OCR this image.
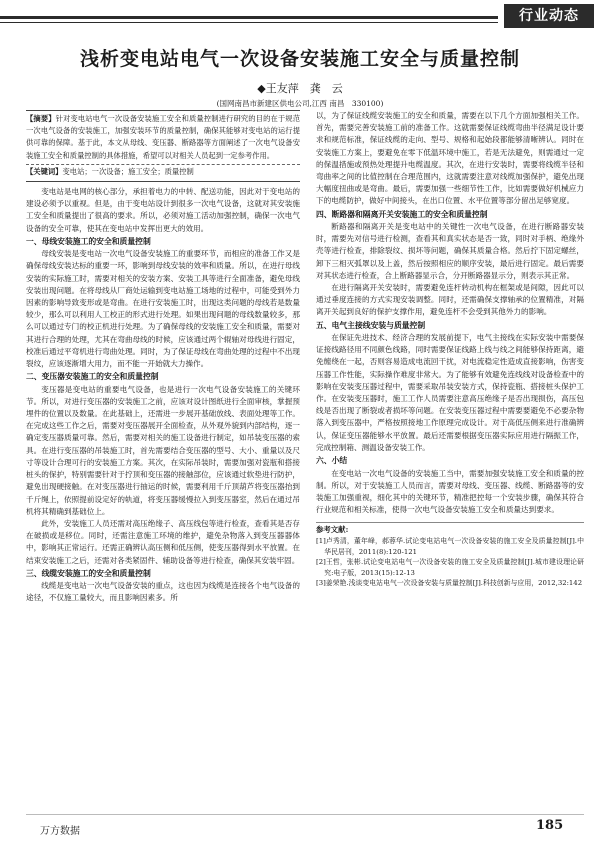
行业动态
浅析变电站电气一次设备安装施工安全与质量控制
◆王友萍　龚　云
(国网南昌市新建区供电公司,江西 南昌　330100)
【摘要】针对变电站电气一次设备安装施工安全和质量控制进行研究的目的在于规范一次电气设备的安装施工，加强安装环节的质量控制，确保其能够对变电站的运行提供可靠的保障。基于此，本文从母线、变压器、断路器等方面阐述了一次电气设备安装施工安全和质量控制的具体措施，希望可以对相关人员起到一定参考作用。
【关键词】变电站；一次设备；施工安全；质量控制

变电站是电网的核心部分，承担着电力的中转、配送功能，因此对于变电站的建设必须予以重视。但是，由于变电站设计到很多一次电气设备，这就对其安装施工安全和质量提出了很高的要求。所以，必须对施工活动加强控制，确保一次电气设备的安全可靠，使其在变电站中发挥出更大的效用。

一、母线安装施工的安全和质量控制

母线安装是变电站一次电气设备安装施工的重要环节，而相应的准备工作又是确保母线安装达标的重要一环，影响到母线安装的效率和质量。所以，在进行母线安装的实际施工时，需要对相关的安装方案、安装工具等进行全面准备，避免母线安装出现问题。在将母线从厂商处运输到变电站施工场地的过程中，可能受到外力因素的影响导致变形或是弯曲。在进行安装施工时，出现这类问题的母线若是数量较少，那么可以利用人工校正的形式进行处理。如果出现问题的母线数量较多，那么可以通过专门的校正机进行处理。为了确保母线的安装施工安全和质量，需要对其进行合理的处理，尤其在弯曲母线的时候，应该通过两个辊轴对母线进行固定，校准后通过平弯机进行弯曲处理。同时，为了保证母线在弯曲处理的过程中不出现裂纹，应该逐渐增大用力，而不能一开始就大力操作。

二、变压器安装施工的安全和质量控制

变压器是变电站的重要电气设备，也是进行一次电气设备安装施工的关键环节。所以，对进行变压器的安装施工之前，应该对设计图纸进行全面审核，掌握预埋件的位置以及数量。在此基础上，还需进一步展开基础放线、表面处理等工作。在完成这些工作之后，需要对变压器展开全面检查，从外观外貌到内部结构，逐一确定变压器质量可靠。然后，需要对相关的施工设备进行制定，如吊装变压器的索具。在进行变压器的吊装施工时，首先需要结合变压器的型号、大小、重量以及尺寸等设计合理可行的安装施工方案。其次，在实际吊装时，需要加强对瓷瓶和搭接桩头的保护，特别需要针对于拧顶和变压器的接触部位，应该通过软垫进行防护，避免出现硬接触。在对变压器进行抽运的时候，需要利用千斤顶葫芦将变压器抬到千斤绳上，依照提前设定好的轨道，将变压器缓慢拉入到变压器室，然后在通过吊机将其精确到基础位上。

此外，安装施工人员还需对高压绝缘子、高压线包等进行检查，查看其是否存在破损或是移位。同时，还需注意施工环境的维护，避免杂物落入到变压器器体中，影响其正常运行。还需正确辨认高压侧和低压侧，使变压器得到水平放置。在结束安装施工之后，还需对各类紧固件、辅助设备等进行检查，确保其安装牢固。

三、线缆安装施工的安全和质量控制

线缆是变电站一次电气设备安装的重点，这也因为线缆是连接各个电气设备的途径，不仅施工量较大，而且影响因素多。所

以，为了保证线缆安装施工的安全和质量，需要在以下几个方面加强相关工作。首先，需要完善安装施工前的准备工作。这就需要保证线缆弯曲半径满足设计要求和规范标准，保证线缆的走向、型号、规格和起始段都能够清晰辨认。同时在安装施工方案上，要避免在零下低温环境中施工，若是无法避免，则需通过一定的保温措施或预热处理提升电缆温度。其次，在进行安装时，需要将线缆半径和弯曲率之间的比值控制在合理范围内，这就需要注意对线缆加强保护，避免出现大幅度扭曲或是弯曲。最后，需要加强一些细节性工作，比如需要做好机械应力下的电缆防护，做好中间接头，在出口位置、水平位置等部分留出足够宽度。

四、断路器和隔离开关安装施工的安全和质量控制

断路器和隔离开关是变电站中的关键性一次电气设备，在进行断路器安装时，需要先对信号进行检测，查看其和真实状态是否一致，同时对手柄、绝缘外壳等进行检查，排除裂纹、损坏等问题，确保其质量合格。然后拧下固定螺丝，卸下三相灭弧罩以及上盖，然后按照相应的顺序安装，最后进行固定。最后需要对其状态进行检查，合上断路器显示合，分开断路器显示分，则表示其正常。

在进行隔离开关安装时，需要避免连杆转动机构在框架或是间隙，因此可以通过垂度连接的方式实现安装调整。同时，还需确保支撑轴承的位置精准，对隔离开关起到良好的保护支撑作用，避免连杆不会受到其他外力的影响。

五、电气主接线安装与质量控制

在保证先进技术、经济合理的发展前提下，电气主接线在实际安装中需要保证接线路径用不同颜色线路，同时需要保证线路上线与线之间能够保持距离，避免缠绕在一起，否则容易造成电流回干扰，对电流稳定性造成直接影响，伤害变压器工作性能，实际操作难度非常大。为了能够有效避免连线线对设备检查中的影响在安装变压器过程中，需要采取吊装安装方式，保持瓷瓶、搭接桩头保护工作。在安装变压器时，施工工作人员需要注意高压绝缘子是否出现损伤，高压包线是否出现了断裂或者损坏等问题。在安装变压器过程中需要要避免不必要杂物落入到变压器中，严格按照接地工作原理完成设计。对于高低压侧来进行准确辨认，保证变压器能够水平放置。最后还需要根据变压器实际应用进行隔振工作，完成控制箱、测温设备安装工作。

六、小结

在变电站一次电气设备的安装施工当中，需要加强安装施工安全和质量的控制。所以，对于安装施工人员而言，需要对母线、变压器、线缆、断路器等的安装施工加强重视，细化其中的关键环节，精准把控每一个安装步骤，确保其符合行业规范和相关标准，使得一次电气设备安装施工安全和质量达到要求。

参考文献:
[1]卢秀清，董年峰，郝蓉华.试论变电站电气一次设备安装的施工安全及质量控制[J].中华民居刊，2011(8):120-121
[2]王哲，张彬.试论变电站电气一次设备安装的施工安全及质量控制[J].城市建设理论研究:电子版，2013(15):12-13
[3]姜荣艳.浅谈变电站电气一次设备安装与质量控制[J].科技创新与应用，2012,32:142
万方数据	185
